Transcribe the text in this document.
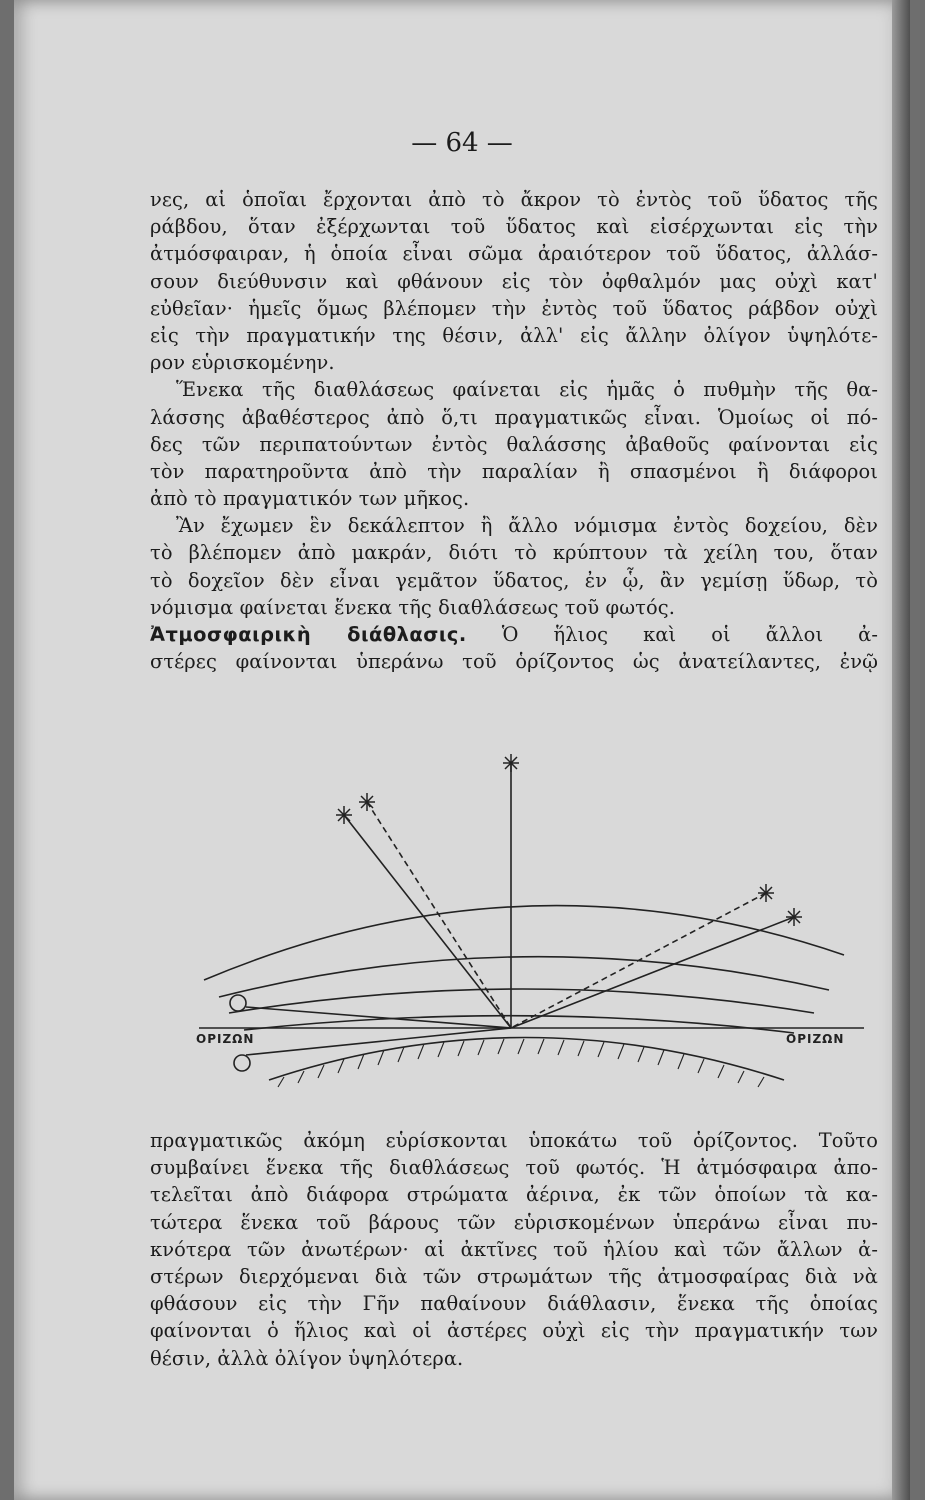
— 64 —
νες, αἱ ὁποῖαι ἔρχονται ἀπὸ τὸ ἄκρον τὸ ἐντὸς τοῦ ὕδατος τῆς
ράβδου, ὅταν ἐξέρχωνται τοῦ ὕδατος καὶ εἰσέρχωνται εἰς τὴν
ἀτμόσφαιραν, ἡ ὁποία εἶναι σῶμα ἀραιότερον τοῦ ὕδατος, ἀλλάσ-
σουν διεύθυνσιν καὶ φθάνουν εἰς τὸν ὀφθαλμόν μας οὐχὶ κατ'
εὐθεῖαν· ἡμεῖς ὅμως βλέπομεν τὴν ἐντὸς τοῦ ὕδατος ράβδον οὐχὶ
εἰς τὴν πραγματικήν της θέσιν, ἀλλ' εἰς ἄλλην ὀλίγον ὑψηλότε-
ρον εὑρισκομένην.
Ἕνεκα τῆς διαθλάσεως φαίνεται εἰς ἡμᾶς ὁ πυθμὴν τῆς θα-
λάσσης ἀβαθέστερος ἀπὸ ὅ,τι πραγματικῶς εἶναι. Ὁμοίως οἱ πό-
δες τῶν περιπατούντων ἐντὸς θαλάσσης ἀβαθοῦς φαίνονται εἰς
τὸν παρατηροῦντα ἀπὸ τὴν παραλίαν ἢ σπασμένοι ἢ διάφοροι
ἀπὸ τὸ πραγματικόν των μῆκος.
Ἂν ἔχωμεν ἓν δεκάλεπτον ἢ ἄλλο νόμισμα ἐντὸς δοχείου, δὲν
τὸ βλέπομεν ἀπὸ μακράν, διότι τὸ κρύπτουν τὰ χείλη του, ὅταν
τὸ δοχεῖον δὲν εἶναι γεμᾶτον ὕδατος, ἐν ᾧ, ἂν γεμίσῃ ὕδωρ, τὸ
νόμισμα φαίνεται ἕνεκα τῆς διαθλάσεως τοῦ φωτός.
Ἀτμοσφαιρικὴ διάθλασις. Ὁ ἥλιος καὶ οἱ ἄλλοι ἀ-
στέρες φαίνονται ὑπεράνω τοῦ ὁρίζοντος ὡς ἀνατείλαντες, ἐνῷ
ΟΡΙΖΩΝ	ΟΡΙΖΩΝ
πραγματικῶς ἀκόμη εὑρίσκονται ὑποκάτω τοῦ ὁρίζοντος. Τοῦτο
συμβαίνει ἕνεκα τῆς διαθλάσεως τοῦ φωτός. Ἡ ἀτμόσφαιρα ἀπο-
τελεῖται ἀπὸ διάφορα στρώματα ἀέρινα, ἐκ τῶν ὁποίων τὰ κα-
τώτερα ἕνεκα τοῦ βάρους τῶν εὑρισκομένων ὑπεράνω εἶναι πυ-
κνότερα τῶν ἀνωτέρων· αἱ ἀκτῖνες τοῦ ἡλίου καὶ τῶν ἄλλων ἀ-
στέρων διερχόμεναι διὰ τῶν στρωμάτων τῆς ἀτμοσφαίρας διὰ νὰ
φθάσουν εἰς τὴν Γῆν παθαίνουν διάθλασιν, ἕνεκα τῆς ὁποίας
φαίνονται ὁ ἥλιος καὶ οἱ ἀστέρες οὐχὶ εἰς τὴν πραγματικήν των
θέσιν, ἀλλὰ ὀλίγον ὑψηλότερα.
